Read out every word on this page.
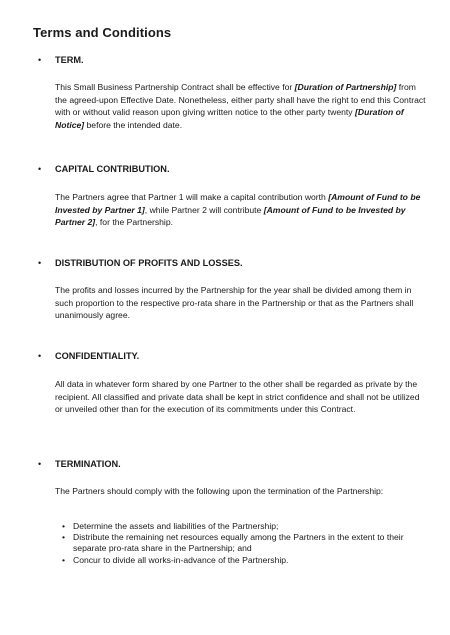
Terms and Conditions
• TERM.
This Small Business Partnership Contract shall be effective for [Duration of Partnership] from the agreed-upon Effective Date. Nonetheless, either party shall have the right to end this Contract with or without valid reason upon giving written notice to the other party twenty [Duration of Notice] before the intended date.
• CAPITAL CONTRIBUTION.
The Partners agree that Partner 1 will make a capital contribution worth [Amount of Fund to be Invested by Partner 1], while Partner 2 will contribute [Amount of Fund to be Invested by Partner 2], for the Partnership.
• DISTRIBUTION OF PROFITS AND LOSSES.
The profits and losses incurred by the Partnership for the year shall be divided among them in such proportion to the respective pro-rata share in the Partnership or that as the Partners shall unanimously agree.
• CONFIDENTIALITY.
All data in whatever form shared by one Partner to the other shall be regarded as private by the recipient. All classified and private data shall be kept in strict confidence and shall not be utilized or unveiled other than for the execution of its commitments under this Contract.
• TERMINATION.
The Partners should comply with the following upon the termination of the Partnership:
• Determine the assets and liabilities of the Partnership;
• Distribute the remaining net resources equally among the Partners in the extent to their separate pro-rata share in the Partnership; and
• Concur to divide all works-in-advance of the Partnership.
